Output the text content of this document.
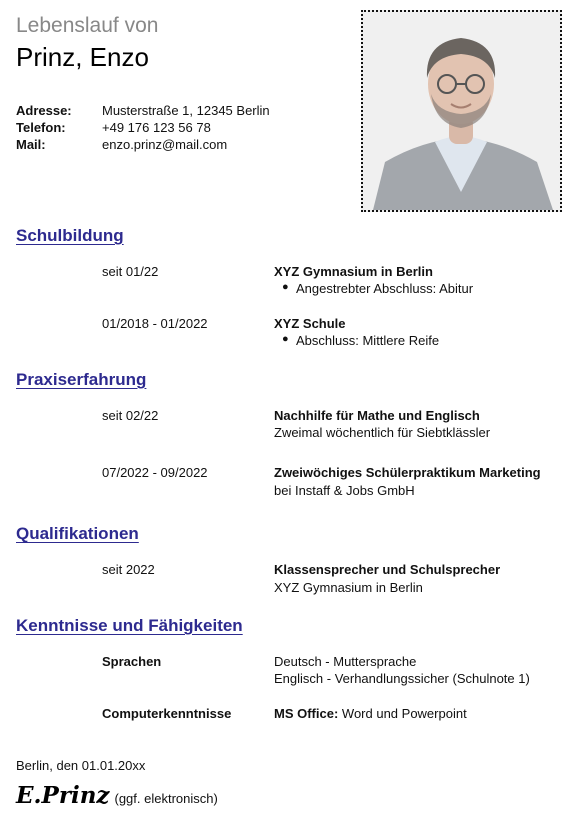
Lebenslauf von
Prinz, Enzo
Adresse: Musterstraße 1, 12345 Berlin
Telefon:	+49 176 123 56 78
Mail:	enzo.prinz@mail.com
Schulbildung
seit 01/22	XYZ Gymnasium in Berlin
● Angestrebter Abschluss: Abitur
01/2018 - 01/2022	XYZ Schule
● Abschluss: Mittlere Reife
Praxiserfahrung
seit 02/22	Nachhilfe für Mathe und Englisch
Zweimal wöchentlich für Siebtklässler
07/2022 - 09/2022	Zweiwöchiges Schülerpraktikum Marketing
bei Instaff & Jobs GmbH
Qualifikationen
seit 2022	Klassensprecher und Schulsprecher
XYZ Gymnasium in Berlin
Kenntnisse und Fähigkeiten
Sprachen	Deutsch - Muttersprache
Englisch - Verhandlungssicher (Schulnote 1)
Computerkenntnisse	MS Office: Word und Powerpoint
Berlin, den 01.01.20xx
E.Prinz (ggf. elektronisch)
